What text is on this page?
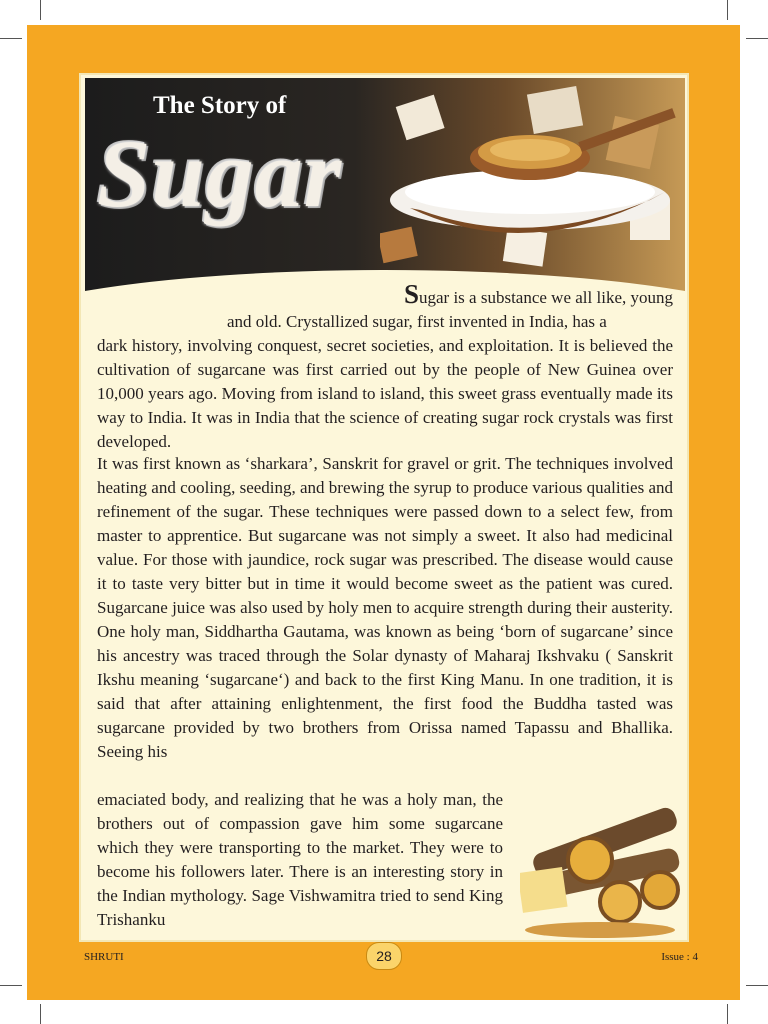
The Story of

Sugar

Sugar is a substance we all like, young
and old. Crystallized sugar, first invented in India, has a
dark history, involving conquest, secret societies, and exploitation. It is believed the cultivation of sugarcane was first carried out by the people of New Guinea over 10,000 years ago. Moving from island to island, this sweet grass eventually made its way to India. It was in India that the science of creating sugar rock crystals was first developed.
It was first known as ‘sharkara’, Sanskrit for gravel or grit. The techniques involved heating and cooling, seeding, and brewing the syrup to produce various qualities and refinement of the sugar. These techniques were passed down to a select few, from master to apprentice. But sugarcane was not simply a sweet. It also had medicinal value. For those with jaundice, rock sugar was prescribed. The disease would cause it to taste very bitter but in time it would become sweet as the patient was cured. Sugarcane juice was also used by holy men to acquire strength during their austerity. One holy man, Siddhartha Gautama, was known as being ‘born of sugarcane’ since his ancestry was traced through the Solar dynasty of Maharaj Ikshvaku ( Sanskrit Ikshu meaning ‘sugarcane‘) and back to the first King Manu. In one tradition, it is said that after attaining enlightenment, the first food the Buddha tasted was sugarcane provided by two brothers from Orissa named Tapassu and Bhallika. Seeing his
emaciated body, and realizing that he was a holy man, the brothers out of compassion gave him some sugarcane which they were transporting to the market. They were to become his followers later. There is an interesting story in the Indian mythology. Sage Vishwamitra tried to send King Trishanku
SHRUTI	28	Issue : 4
